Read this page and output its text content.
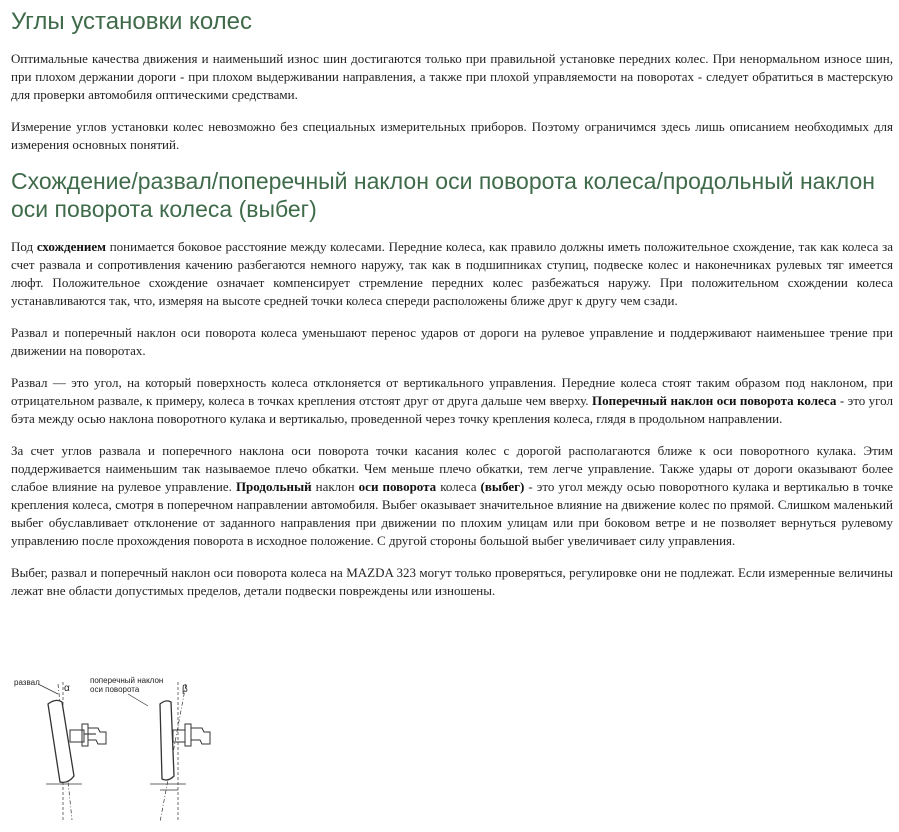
Углы установки колес

Оптимальные качества движения и наименьший износ шин достигаются только при правильной установке передних колес. При ненормальном износе шин, при плохом держании дороги - при плохом выдерживании направления, а также при плохой управляемости на поворотах - следует обратиться в мастерскую для проверки автомобиля оптическими средствами.

Измерение углов установки колес невозможно без специальных измерительных приборов. Поэтому ограничимся здесь лишь описанием необходимых для измерения основных понятий.

Схождение/развал/поперечный наклон оси поворота колеса/продольный наклон оси поворота колеса (выбег)

Под схождением понимается боковое расстояние между колесами. Передние колеса, как правило должны иметь положительное схождение, так как колеса за счет развала и сопротивления качению разбегаются немного наружу, так как в подшипниках ступиц, подвеске колес и наконечниках рулевых тяг имеется люфт. Положительное схождение означает компенсирует стремление передних колес разбежаться наружу. При положительном схождении колеса устанавливаются так, что, измеряя на высоте средней точки колеса спереди расположены ближе друг к другу чем сзади.

Развал и поперечный наклон оси поворота колеса уменьшают перенос ударов от дороги на рулевое управление и поддерживают наименьшее трение при движении на поворотах.

Развал — это угол, на который поверхность колеса отклоняется от вертикального управления. Передние колеса стоят таким образом под наклоном, при отрицательном развале, к примеру, колеса в точках крепления отстоят друг от друга дальше чем вверху. Поперечный наклон оси поворота колеса - это угол бэта между осью наклона поворотного кулака и вертикалью, проведенной через точку крепления колеса, глядя в продольном направлении.

За счет углов развала и поперечного наклона оси поворота точки касания колес с дорогой располагаются ближе к оси поворотного кулака. Этим поддерживается наименьшим так называемое плечо обкатки. Чем меньше плечо обкатки, тем легче управление. Также удары от дороги оказывают более слабое влияние на рулевое управление. Продольный наклон оси поворота колеса (выбег) - это угол между осью поворотного кулака и вертикалью в точке крепления колеса, смотря в поперечном направлении автомобиля. Выбег оказывает значительное влияние на движение колес по прямой. Слишком маленький выбег обуславливает отклонение от заданного направления при движении по плохим улицам или при боковом ветре и не позволяет вернуться рулевому управлению после прохождения поворота в исходное положение. С другой стороны большой выбег увеличивает силу управления.

Выбег, развал и поперечный наклон оси поворота колеса на MAZDA 323 могут только проверяться, регулировке они не подлежат. Если измеренные величины лежат вне области допустимых пределов, детали подвески повреждены или изношены.

развал
α
поперечный наклон
оси поворота	β
